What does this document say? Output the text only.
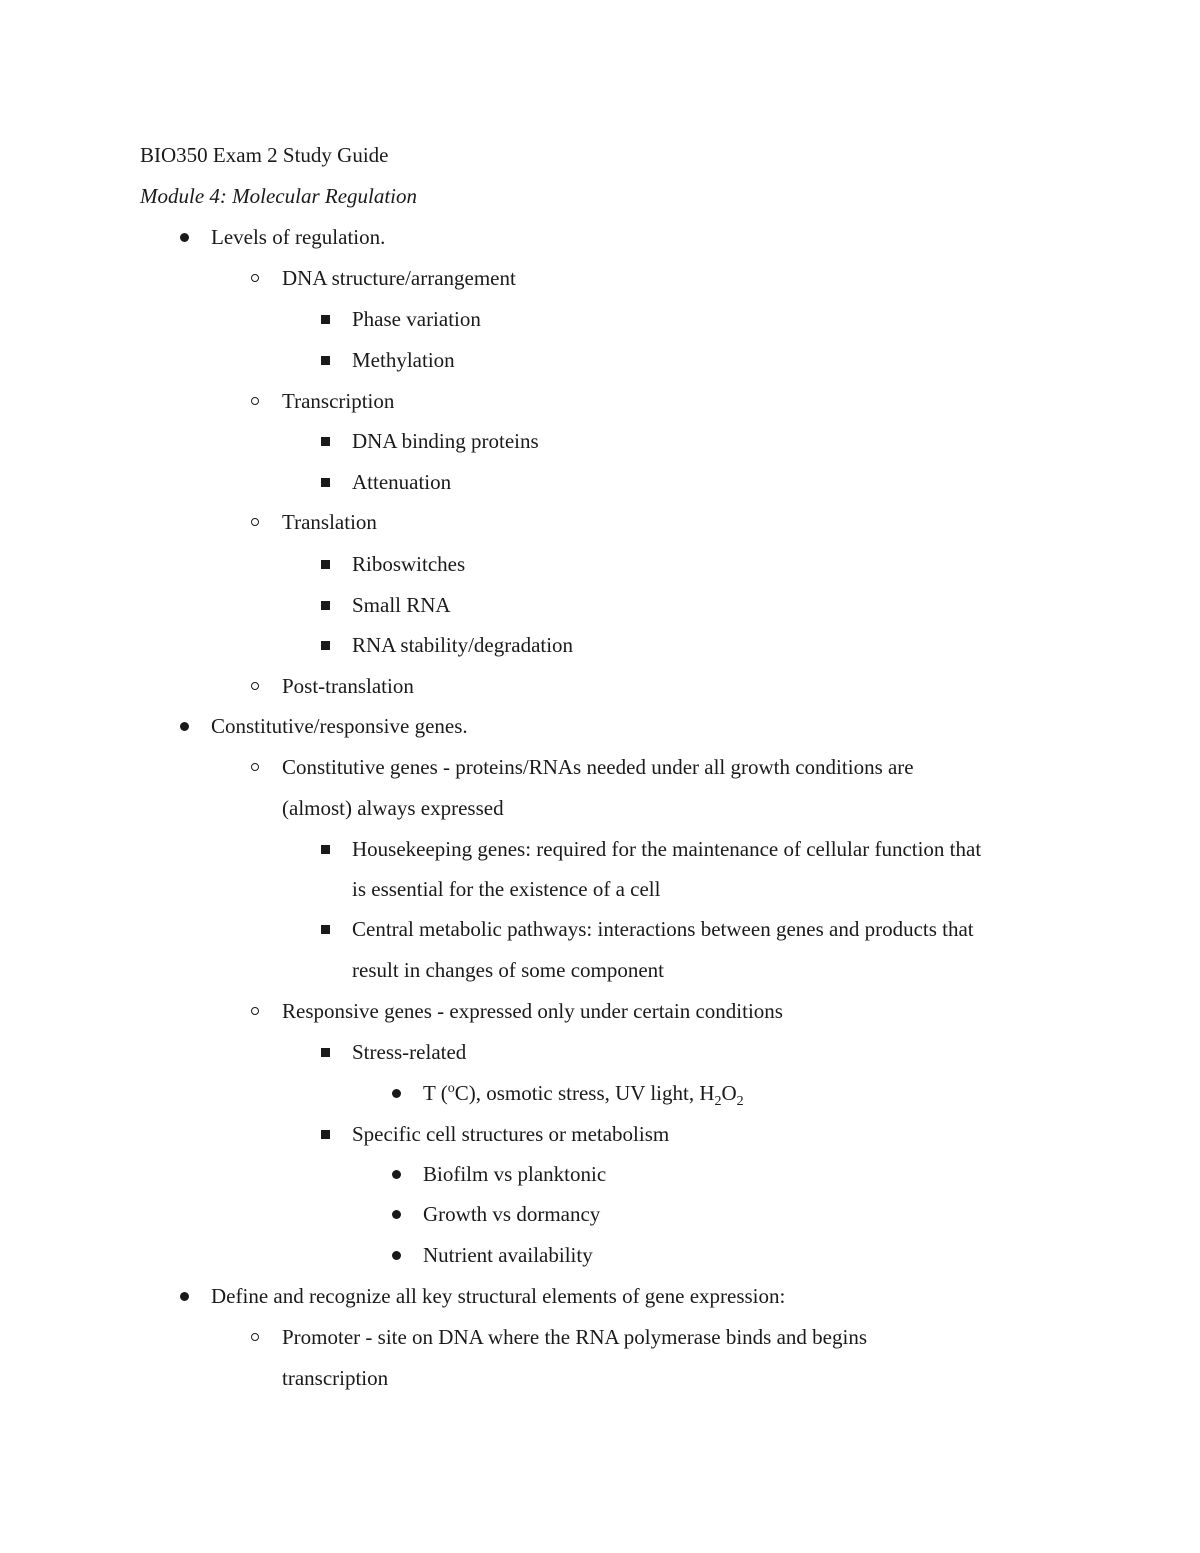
BIO350 Exam 2 Study Guide
Module 4: Molecular Regulation
Levels of regulation.
DNA structure/arrangement
Phase variation
Methylation
Transcription
DNA binding proteins
Attenuation
Translation
Riboswitches
Small RNA
RNA stability/degradation
Post-translation
Constitutive/responsive genes.
Constitutive genes - proteins/RNAs needed under all growth conditions are
(almost) always expressed
Housekeeping genes: required for the maintenance of cellular function that
is essential for the existence of a cell
Central metabolic pathways: interactions between genes and products that
result in changes of some component
Responsive genes - expressed only under certain conditions
Stress-related
T ($^o$C), osmotic stress, UV light, $H_2O_2$
Specific cell structures or metabolism
Biofilm vs planktonic
Growth vs dormancy
Nutrient availability
Define and recognize all key structural elements of gene expression:
Promoter - site on DNA where the RNA polymerase binds and begins
transcription
